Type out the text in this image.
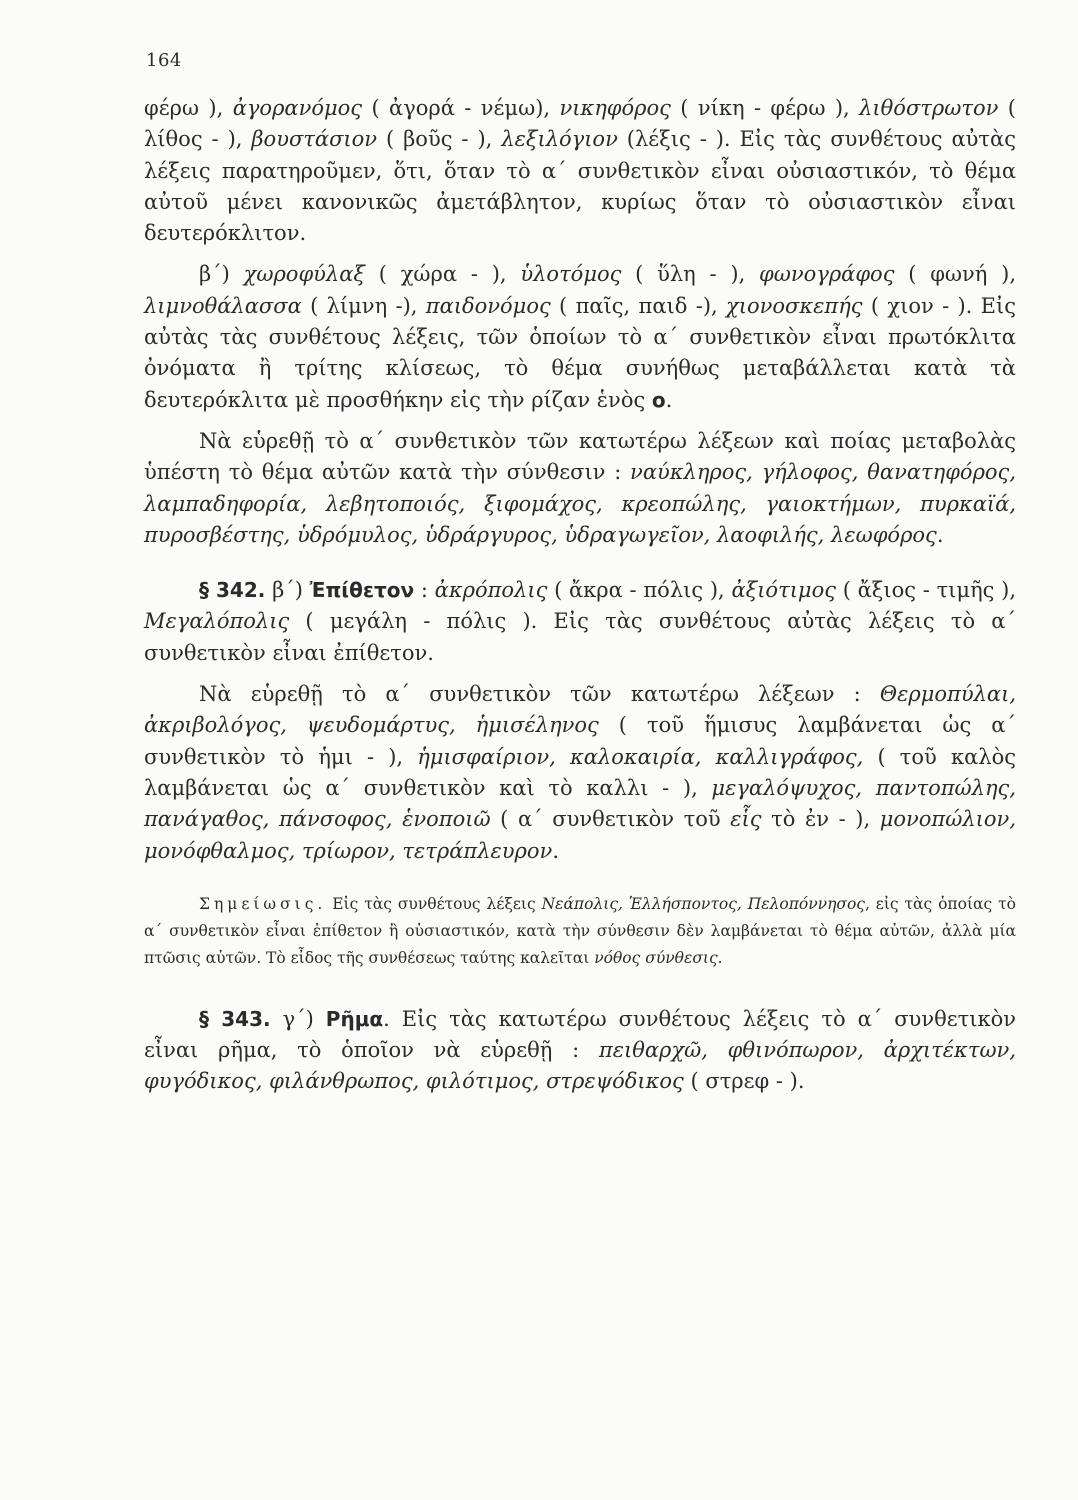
164

φέρω ), ἀγορανόμος ( ἀγορά - νέμω), νικηφόρος ( νίκη - φέρω ), λιθόστρωτον ( λίθος - ), βουστάσιον ( βοῦς - ), λεξιλόγιον (λέξις - ). Εἰς τὰς συνθέτους αὐτὰς λέξεις παρατηροῦμεν, ὅτι, ὅταν τὸ α΄ συνθετικὸν εἶναι οὐσιαστικόν, τὸ θέμα αὐτοῦ μένει κανονικῶς ἀμετάβλητον, κυρίως ὅταν τὸ οὐσιαστικὸν εἶναι δευτερόκλιτον.

β΄) χωροφύλαξ ( χώρα - ), ὑλοτόμος ( ὕλη - ), φωνογράφος ( φωνή ), λιμνοθάλασσα ( λίμνη -), παιδονόμος ( παῖς, παιδ -), χιονοσκεπής ( χιον - ). Εἰς αὐτὰς τὰς συνθέτους λέξεις, τῶν ὁποίων τὸ α΄ συνθετικὸν εἶναι πρωτόκλιτα ὀνόματα ἢ τρίτης κλίσεως, τὸ θέμα συνήθως μεταβάλλεται κατὰ τὰ δευτερόκλιτα μὲ προσθήκην εἰς τὴν ρίζαν ἑνὸς ο.

Νὰ εὑρεθῇ τὸ α΄ συνθετικὸν τῶν κατωτέρω λέξεων καὶ ποίας μεταβολὰς ὑπέστη τὸ θέμα αὐτῶν κατὰ τὴν σύνθεσιν : ναύκληρος, γήλοφος, θανατηφόρος, λαμπαδηφορία, λεβητοποιός, ξιφομάχος, κρεοπώλης, γαιοκτήμων, πυρκαϊά, πυροσβέστης, ὑδρόμυλος, ὑδράργυρος, ὑδραγωγεῖον, λαοφιλής, λεωφόρος.

§ 342. β΄) Ἐπίθετον : ἀκρόπολις ( ἄκρα - πόλις ), ἀξιότιμος ( ἄξιος - τιμῆς ), Μεγαλόπολις ( μεγάλη - πόλις ). Εἰς τὰς συνθέτους αὐτὰς λέξεις τὸ α΄ συνθετικὸν εἶναι ἐπίθετον.

Νὰ εὑρεθῇ τὸ α΄ συνθετικὸν τῶν κατωτέρω λέξεων : Θερμοπύλαι, ἀκριβολόγος, ψευδομάρτυς, ἡμισέληνος ( τοῦ ἥμισυς λαμβάνεται ὡς α΄ συνθετικὸν τὸ ἡμι - ), ἡμισφαίριον, καλοκαιρία, καλλιγράφος, ( τοῦ καλὸς λαμβάνεται ὡς α΄ συνθετικὸν καὶ τὸ καλλι - ), μεγαλόψυχος, παντοπώλης, πανάγαθος, πάνσοφος, ἑνοποιῶ ( α΄ συνθετικὸν τοῦ εἷς τὸ ἐν - ), μονοπώλιον, μονόφθαλμος, τρίωρον, τετράπλευρον.

Σημείωσις. Εἰς τὰς συνθέτους λέξεις Νεάπολις, Ἑλλήσποντος, Πελοπόννησος, εἰς τὰς ὁποίας τὸ α΄ συνθετικὸν εἶναι ἐπίθετον ἢ οὐσιαστικόν, κατὰ τὴν σύνθεσιν δὲν λαμβάνεται τὸ θέμα αὐτῶν, ἀλλὰ μία πτῶσις αὐτῶν. Τὸ εἶδος τῆς συνθέσεως ταύτης καλεῖται νόθος σύνθεσις.

§ 343. γ΄) Ρῆμα. Εἰς τὰς κατωτέρω συνθέτους λέξεις τὸ α΄ συνθετικὸν εἶναι ρῆμα, τὸ ὁποῖον νὰ εὑρεθῇ : πειθαρχῶ, φθινόπωρον, ἀρχιτέκτων, φυγόδικος, φιλάνθρωπος, φιλότιμος, στρεψόδικος ( στρεφ - ).
